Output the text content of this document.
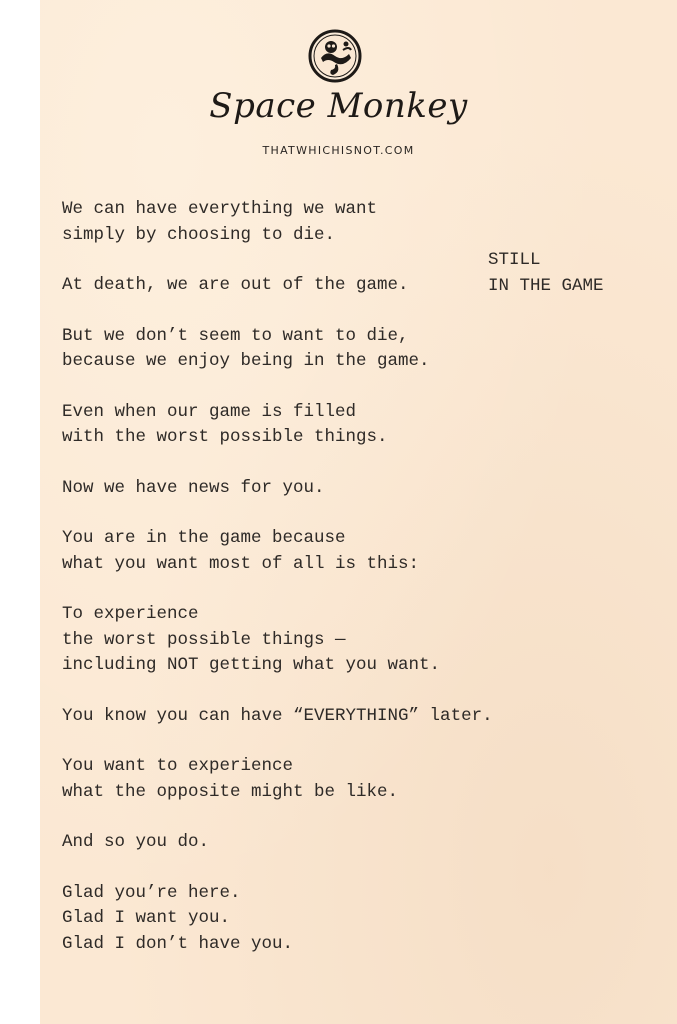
Space Monkey
THATWHICHISNOT.COM
STILL
IN THE GAME
We can have everything we want
simply by choosing to die.
At death, we are out of the game.
But we don’t seem to want to die,
because we enjoy being in the game.
Even when our game is filled
with the worst possible things.
Now we have news for you.
You are in the game because
what you want most of all is this:
To experience
the worst possible things —
including NOT getting what you want.
You know you can have “EVERYTHING” later.
You want to experience
what the opposite might be like.
And so you do.
Glad you’re here.
Glad I want you.
Glad I don’t have you.
